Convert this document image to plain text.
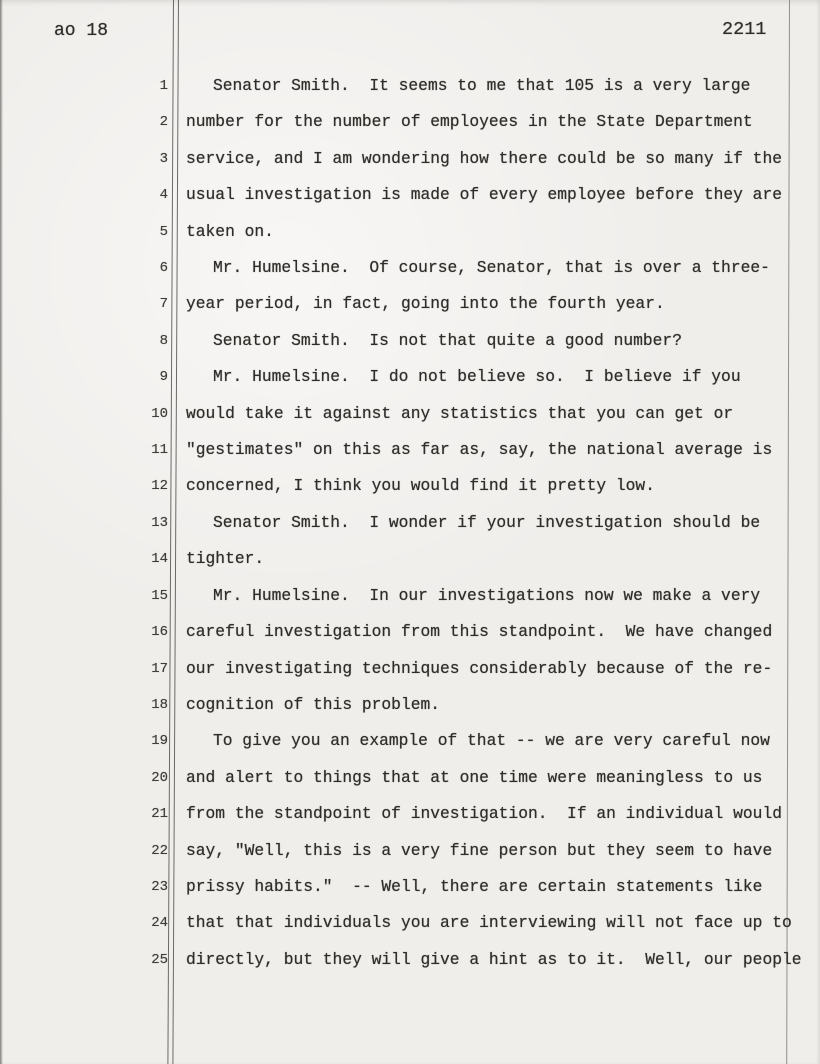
ao 18	2211
1	Senator Smith.  It seems to me that 105 is a very large
2 number for the number of employees in the State Department
3 service, and I am wondering how there could be so many if the
4 usual investigation is made of every employee before they are
5 taken on.
6	Mr. Humelsine.  Of course, Senator, that is over a three-
7 year period, in fact, going into the fourth year.
8	Senator Smith.  Is not that quite a good number?
9	Mr. Humelsine.  I do not believe so.  I believe if you
10 would take it against any statistics that you can get or
11 "gestimates" on this as far as, say, the national average is
12 concerned, I think you would find it pretty low.
13	Senator Smith.  I wonder if your investigation should be
14 tighter.
15	Mr. Humelsine.  In our investigations now we make a very
16 careful investigation from this standpoint.  We have changed
17 our investigating techniques considerably because of the re-
18 cognition of this problem.
19	To give you an example of that -- we are very careful now
20 and alert to things that at one time were meaningless to us
21 from the standpoint of investigation.  If an individual would
22 say, "Well, this is a very fine person but they seem to have
23 prissy habits."  -- Well, there are certain statements like
24 that that individuals you are interviewing will not face up to
25 directly, but they will give a hint as to it.  Well, our people
